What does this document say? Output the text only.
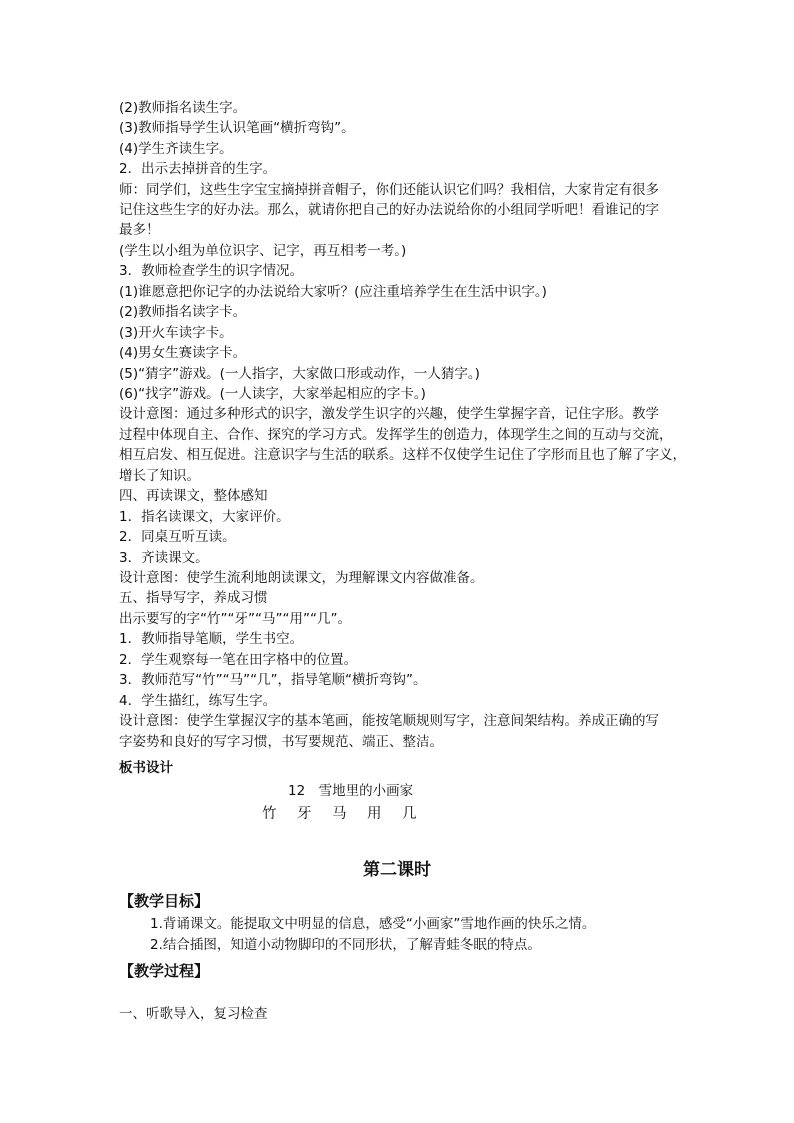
(2)教师指名读生字。
(3)教师指导学生认识笔画“横折弯钩”。
(4)学生齐读生字。
2．出示去掉拼音的生字。
师：同学们，这些生字宝宝摘掉拼音帽子，你们还能认识它们吗？我相信，大家肯定有很多
记住这些生字的好办法。那么，就请你把自己的好办法说给你的小组同学听吧！看谁记的字
最多！
(学生以小组为单位识字、记字，再互相考一考。)
3．教师检查学生的识字情况。
(1)谁愿意把你记字的办法说给大家听？(应注重培养学生在生活中识字。)
(2)教师指名读字卡。
(3)开火车读字卡。
(4)男女生赛读字卡。
(5)“猜字”游戏。(一人指字，大家做口形或动作，一人猜字。)
(6)“找字”游戏。(一人读字，大家举起相应的字卡。)
设计意图：通过多种形式的识字，激发学生识字的兴趣，使学生掌握字音，记住字形。教学
过程中体现自主、合作、探究的学习方式。发挥学生的创造力，体现学生之间的互动与交流，
相互启发、相互促进。注意识字与生活的联系。这样不仅使学生记住了字形而且也了解了字义，
增长了知识。
四、再读课文，整体感知
1．指名读课文，大家评价。
2．同桌互听互读。
3．齐读课文。
设计意图：使学生流利地朗读课文，为理解课文内容做准备。
五、指导写字，养成习惯
出示要写的字“竹”“牙”“马”“用”“几”。
1．教师指导笔顺，学生书空。
2．学生观察每一笔在田字格中的位置。
3．教师范写“竹”“马”“几”，指导笔顺“横折弯钩”。
4．学生描红，练写生字。
设计意图：使学生掌握汉字的基本笔画，能按笔顺规则写字，注意间架结构。养成正确的写
字姿势和良好的写字习惯，书写要规范、端正、整洁。
板书设计
12　雪地里的小画家
竹 牙 马 用 几
第二课时
【教学目标】
1.背诵课文。能提取文中明显的信息，感受“小画家”雪地作画的快乐之情。
2.结合插图，知道小动物脚印的不同形状，了解青蛙冬眠的特点。
【教学过程】
一、听歌导入，复习检查
